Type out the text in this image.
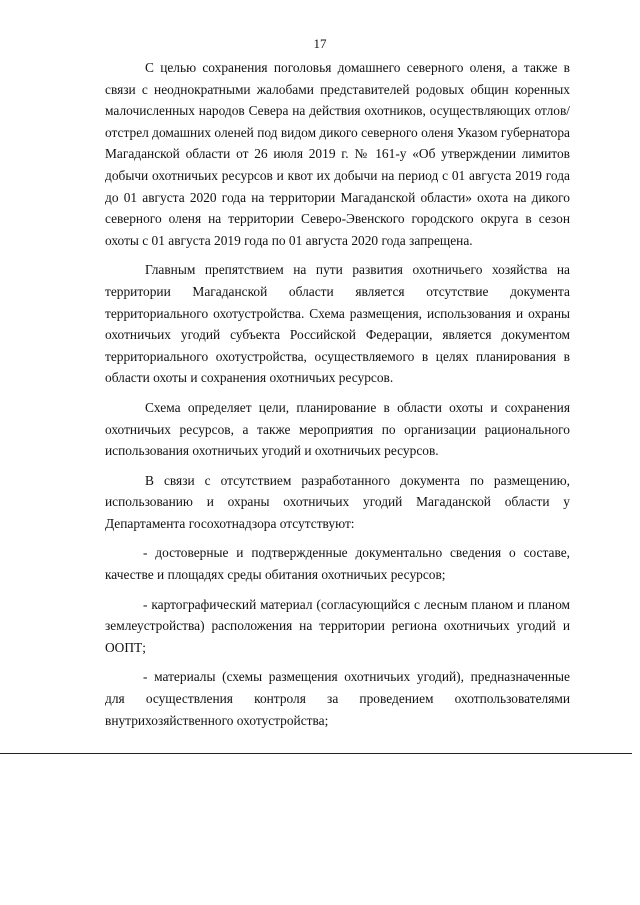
17

С целью сохранения поголовья домашнего северного оленя, а также в связи с неоднократными жалобами представителей родовых общин коренных малочисленных народов Севера на действия охотников, осуществляющих отлов/отстрел домашних оленей под видом дикого северного оленя Указом губернатора Магаданской области от 26 июля 2019 г. № 161-у «Об утверждении лимитов добычи охотничьих ресурсов и квот их добычи на период с 01 августа 2019 года до 01 августа 2020 года на территории Магаданской области» охота на дикого северного оленя на территории Северо-Эвенского городского округа в сезон охоты с 01 августа 2019 года по 01 августа 2020 года запрещена.

Главным препятствием на пути развития охотничьего хозяйства на территории Магаданской области является отсутствие документа территориального охотустройства. Схема размещения, использования и охраны охотничьих угодий субъекта Российской Федерации, является документом территориального охотустройства, осуществляемого в целях планирования в области охоты и сохранения охотничьих ресурсов.

Схема определяет цели, планирование в области охоты и сохранения охотничьих ресурсов, а также мероприятия по организации рационального использования охотничьих угодий и охотничьих ресурсов.

В связи с отсутствием разработанного документа по размещению, использованию и охраны охотничьих угодий Магаданской области у Департамента госохотнадзора отсутствуют:

- достоверные и подтвержденные документально сведения о составе, качестве и площадях среды обитания охотничьих ресурсов;

- картографический материал (согласующийся с лесным планом и планом землеустройства) расположения на территории региона охотничьих угодий и ООПТ;

- материалы (схемы размещения охотничьих угодий), предназначенные для осуществления контроля за проведением охотпользователями внутрихозяйственного охотустройства;
